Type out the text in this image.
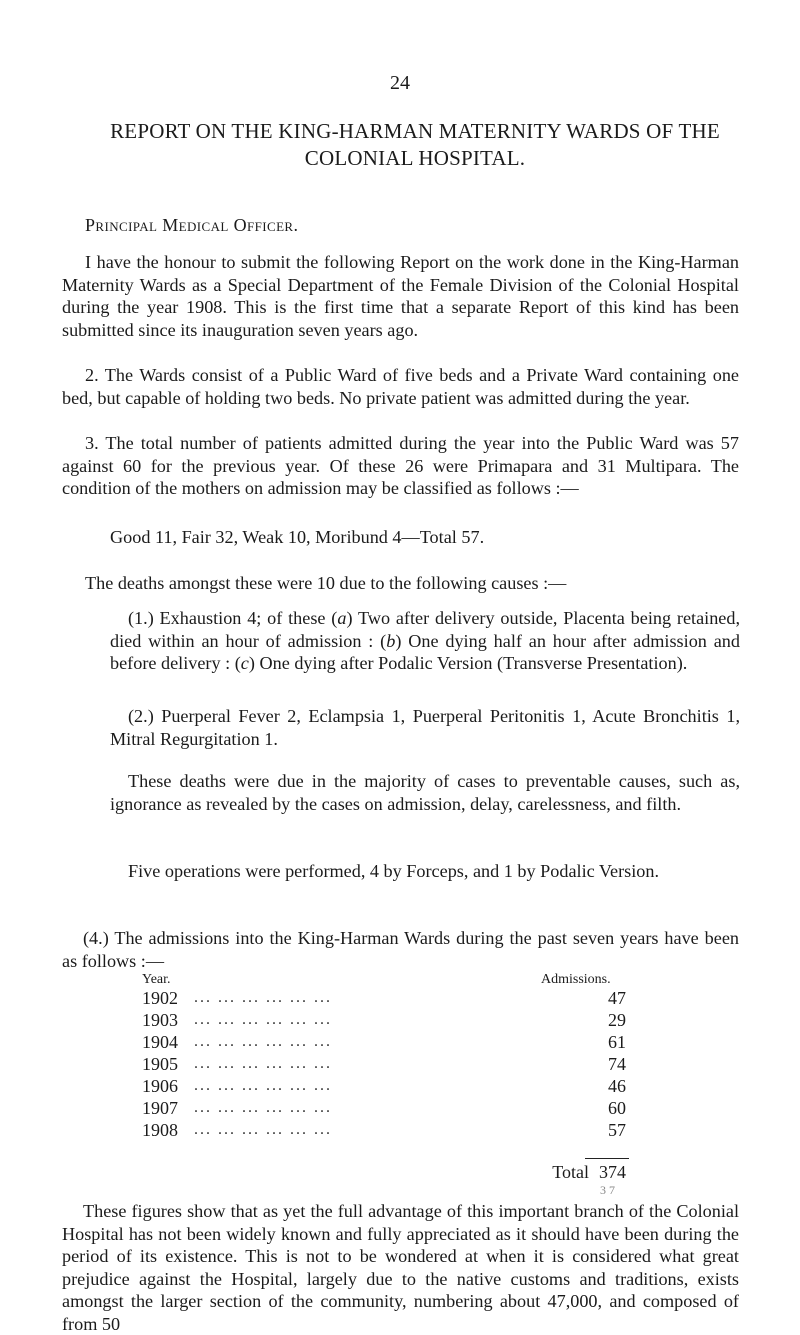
24
REPORT ON THE KING-HARMAN MATERNITY WARDS OF THE COLONIAL HOSPITAL.
Principal Medical Officer.
I have the honour to submit the following Report on the work done in the King-Harman Maternity Wards as a Special Department of the Female Division of the Colonial Hospital during the year 1908. This is the first time that a separate Report of this kind has been submitted since its inauguration seven years ago.
2. The Wards consist of a Public Ward of five beds and a Private Ward containing one bed, but capable of holding two beds. No private patient was admitted during the year.
3. The total number of patients admitted during the year into the Public Ward was 57 against 60 for the previous year. Of these 26 were Primapara and 31 Multipara. The condition of the mothers on admission may be classified as follows :—
Good 11, Fair 32, Weak 10, Moribund 4—Total 57.
The deaths amongst these were 10 due to the following causes :—
(1.) Exhaustion 4; of these (a) Two after delivery outside, Placenta being retained, died within an hour of admission : (b) One dying half an hour after admission and before delivery : (c) One dying after Podalic Version (Transverse Presentation).
(2.) Puerperal Fever 2, Eclampsia 1, Puerperal Peritonitis 1, Acute Bronchitis 1, Mitral Regurgitation 1.
These deaths were due in the majority of cases to preventable causes, such as, ignorance as revealed by the cases on admission, delay, carelessness, and filth.
Five operations were performed, 4 by Forceps, and 1 by Podalic Version.
(4.) The admissions into the King-Harman Wards during the past seven years have been as follows :—
Year.	Admissions.
1902 ... ... ... ... ... ...	47
1903 ... ... ... ... ... ...	29
1904 ... ... ... ... ... ...	61
1905 ... ... ... ... ... ...	74
1906 ... ... ... ... ... ...	46
1907 ... ... ... ... ... ...	60
1908 ... ... ... ... ... ...	57
Total 374
3 7
These figures show that as yet the full advantage of this important branch of the Colonial Hospital has not been widely known and fully appreciated as it should have been during the period of its existence. This is not to be wondered at when it is considered what great prejudice against the Hospital, largely due to the native customs and traditions, exists amongst the larger section of the community, numbering about 47,000, and composed of from 50
